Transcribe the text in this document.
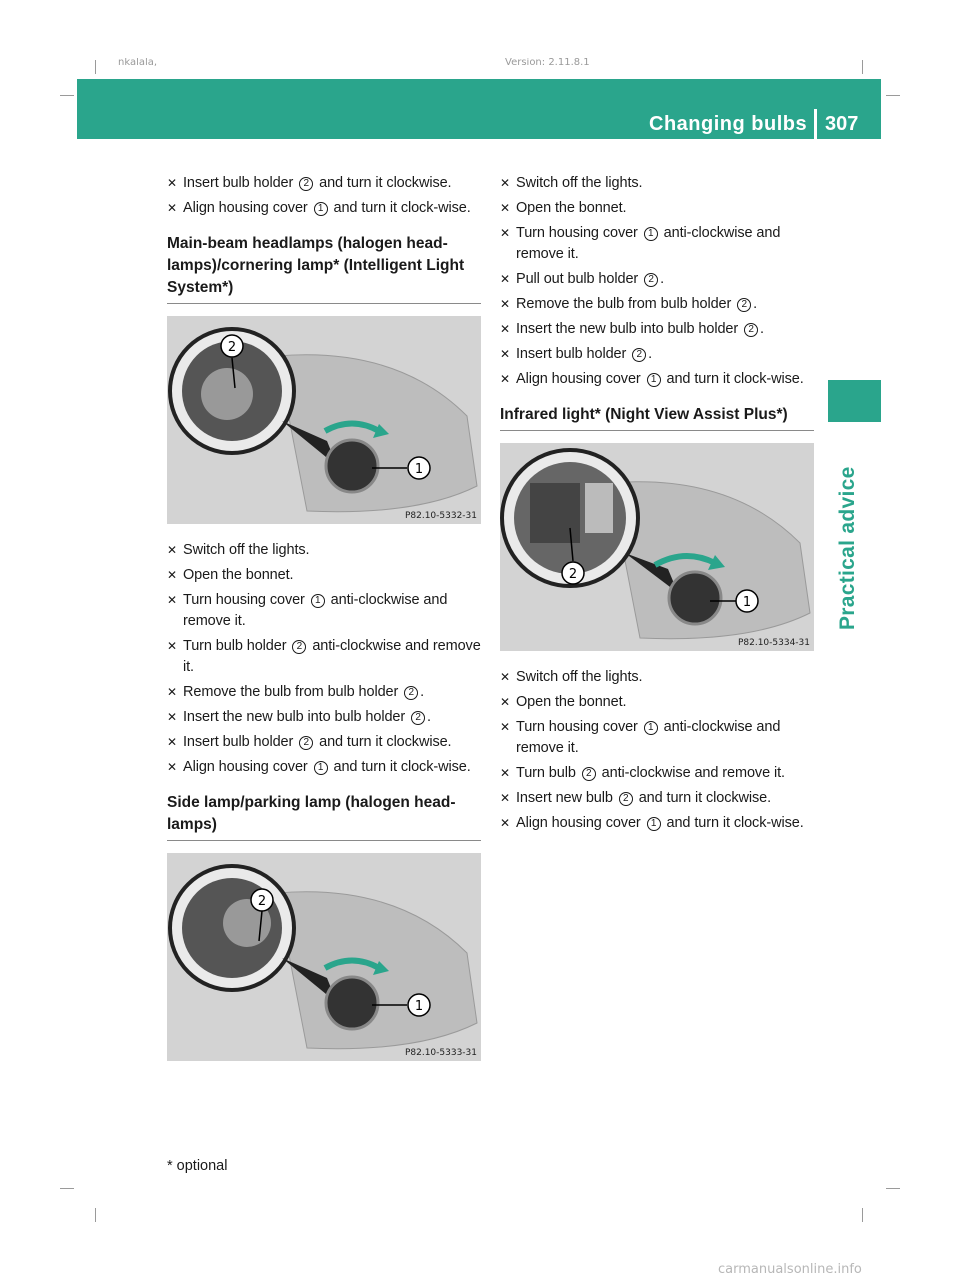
nkalala,	Version: 2.11.8.1
Changing bulbs 307
Practical advice
✕ Insert bulb holder 2 and turn it clockwise.
✕ Align housing cover 1 and turn it clock-wise.
Main-beam headlamps (halogen head-lamps)/cornering lamp* (Intelligent Light System*)
1
2
P82.10-5332-31
✕ Switch off the lights.
✕ Open the bonnet.
✕ Turn housing cover 1 anti-clockwise and remove it.
✕ Turn bulb holder 2 anti-clockwise and remove it.
✕ Remove the bulb from bulb holder 2 .
✕ Insert the new bulb into bulb holder 2 .
✕ Insert bulb holder 2 and turn it clockwise.
✕ Align housing cover 1 and turn it clock-wise.
Side lamp/parking lamp (halogen head-lamps)
1
2
P82.10-5333-31
✕ Switch off the lights.
✕ Open the bonnet.
✕ Turn housing cover 1 anti-clockwise and remove it.
✕ Pull out bulb holder 2 .
✕ Remove the bulb from bulb holder 2 .
✕ Insert the new bulb into bulb holder 2 .
✕ Insert bulb holder 2 .
✕ Align housing cover 1 and turn it clock-wise.
Infrared light* (Night View Assist Plus*)
1
2
P82.10-5334-31
✕ Switch off the lights.
✕ Open the bonnet.
✕ Turn housing cover 1 anti-clockwise and remove it.
✕ Turn bulb 2 anti-clockwise and remove it.
✕ Insert new bulb 2 and turn it clockwise.
✕ Align housing cover 1 and turn it clock-wise.
* optional
carmanualsonline.info
